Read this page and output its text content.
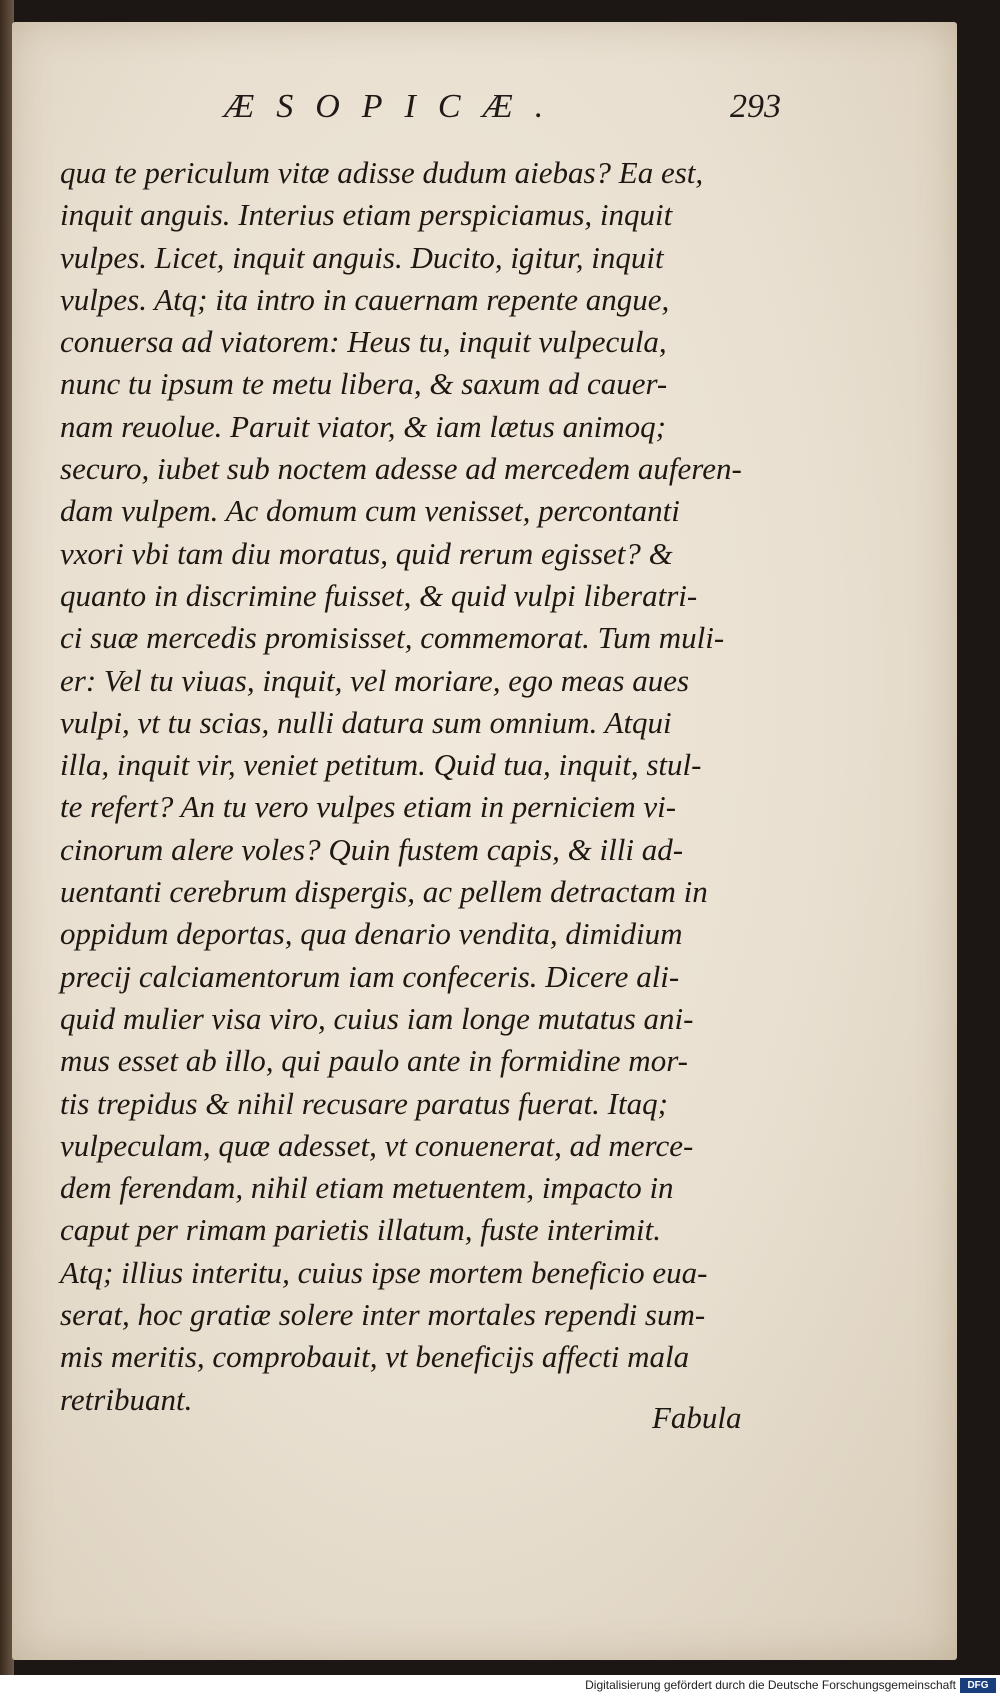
ÆSOPICÆ.	293
qua te periculum vitæ adisse dudum aiebas? Ea est,
inquit anguis. Interius etiam perspiciamus, inquit
vulpes. Licet, inquit anguis. Ducito, igitur, inquit
vulpes. Atq; ita intro in cauernam repente angue,
conuersa ad viatorem: Heus tu, inquit vulpecula,
nunc tu ipsum te metu libera, & saxum ad cauer-
nam reuolue. Paruit viator, & iam lætus animoq;
securo, iubet sub noctem adesse ad mercedem auferen-
dam vulpem. Ac domum cum venisset, percontanti
vxori vbi tam diu moratus, quid rerum egisset? &
quanto in discrimine fuisset, & quid vulpi liberatri-
ci suæ mercedis promisisset, commemorat. Tum muli-
er: Vel tu viuas, inquit, vel moriare, ego meas aues
vulpi, vt tu scias, nulli datura sum omnium. Atqui
illa, inquit vir, veniet petitum. Quid tua, inquit, stul-
te refert? An tu vero vulpes etiam in perniciem vi-
cinorum alere voles? Quin fustem capis, & illi ad-
uentanti cerebrum dispergis, ac pellem detractam in
oppidum deportas, qua denario vendita, dimidium
precij calciamentorum iam confeceris. Dicere ali-
quid mulier visa viro, cuius iam longe mutatus ani-
mus esset ab illo, qui paulo ante in formidine mor-
tis trepidus & nihil recusare paratus fuerat. Itaq;
vulpeculam, quæ adesset, vt conuenerat, ad merce-
dem ferendam, nihil etiam metuentem, impacto in
caput per rimam parietis illatum, fuste interimit.
Atq; illius interitu, cuius ipse mortem beneficio eua-
serat, hoc gratiæ solere inter mortales rependi sum-
mis meritis, comprobauit, vt beneficijs affecti mala
retribuant.
Fabula
Digitalisierung gefördert durch die Deutsche Forschungsgemeinschaft	DFG
